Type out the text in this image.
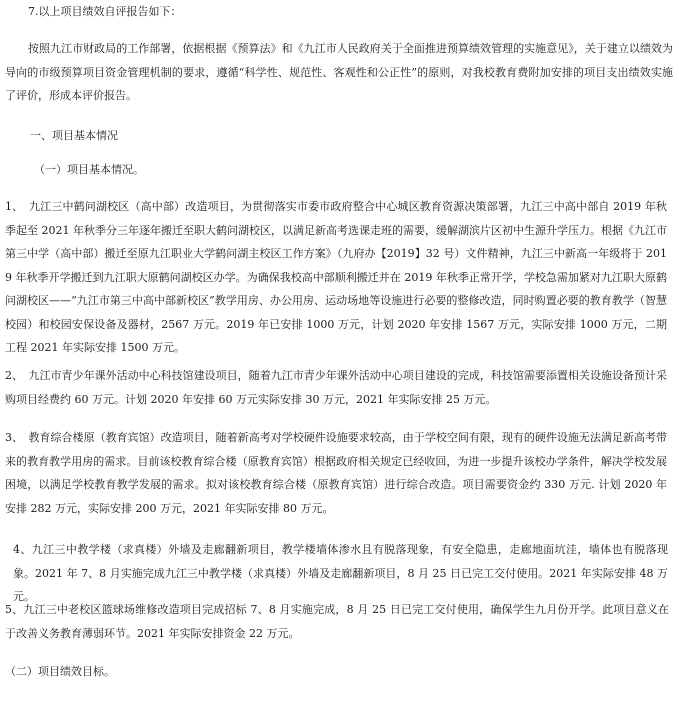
7.以上项目绩效自评报告如下：

按照九江市财政局的工作部署，依据根据《预算法》和《九江市人民政府关于全面推进预算绩效管理的实施意见》，关于建立以绩效为导向的市级预算项目资金管理机制的要求，遵循“科学性、规范性、客观性和公正性”的原则，对我校教育费附加安排的项目支出绩效实施了评价，形成本评价报告。

一、项目基本情况

（一）项目基本情况。

1、　九江三中鹤问湖校区（高中部）改造项目，为贯彻落实市委市政府整合中心城区教育资源决策部署，九江三中高中部自 2019 年秋季起至 2021 年秋季分三年逐年搬迁至职大鹤问湖校区，以满足新高考选课走班的需要，缓解湖滨片区初中生源升学压力。根据《九江市第三中学（高中部）搬迁至原九江职业大学鹤问湖主校区工作方案》（九府办【2019】32 号）文件精神，九江三中新高一年级将于 2019 年秋季开学搬迁到九江职大原鹤问湖校区办学。为确保我校高中部顺利搬迁并在 2019 年秋季正常开学，学校急需加紧对九江职大原鹤问湖校区——“九江市第三中高中部新校区”教学用房、办公用房、运动场地等设施进行必要的整修改造，同时购置必要的教育教学（智慧校园）和校园安保设备及器材，2567 万元。2019 年已安排 1000 万元，计划 2020 年安排 1567 万元，实际安排 1000 万元，二期工程 2021 年实际安排 1500 万元。

2、　九江市青少年课外活动中心科技馆建设项目，随着九江市青少年课外活动中心项目建设的完成，科技馆需要添置相关设施设备预计采购项目经费约 60 万元。计划 2020 年安排 60 万元实际安排 30 万元，2021 年实际安排 25 万元。

3、　教育综合楼原（教育宾馆）改造项目，随着新高考对学校硬件设施要求较高，由于学校空间有限，现有的硬件设施无法满足新高考带来的教育教学用房的需求。目前该校教育综合楼（原教育宾馆）根据政府相关规定已经收回，为进一步提升该校办学条件，解决学校发展困境，以满足学校教育教学发展的需求。拟对该校教育综合楼（原教育宾馆）进行综合改造。项目需要资金约 330 万元. 计划 2020 年安排 282 万元，实际安排 200 万元，2021 年实际安排 80 万元。

4、九江三中教学楼（求真楼）外墙及走廊翻新项目，教学楼墙体渗水且有脱落现象，有安全隐患，走廊地面坑洼，墙体也有脱落现象。2021 年 7、8 月实施完成九江三中教学楼（求真楼）外墙及走廊翻新项目，8 月 25 日已完工交付使用。2021 年实际安排 48 万元。

5、九江三中老校区篮球场维修改造项目完成招标 7、8 月实施完成，8 月 25 日已完工交付使用，确保学生九月份开学。此项目意义在于改善义务教育薄弱环节。2021 年实际安排资金 22 万元。

（二）项目绩效目标。
